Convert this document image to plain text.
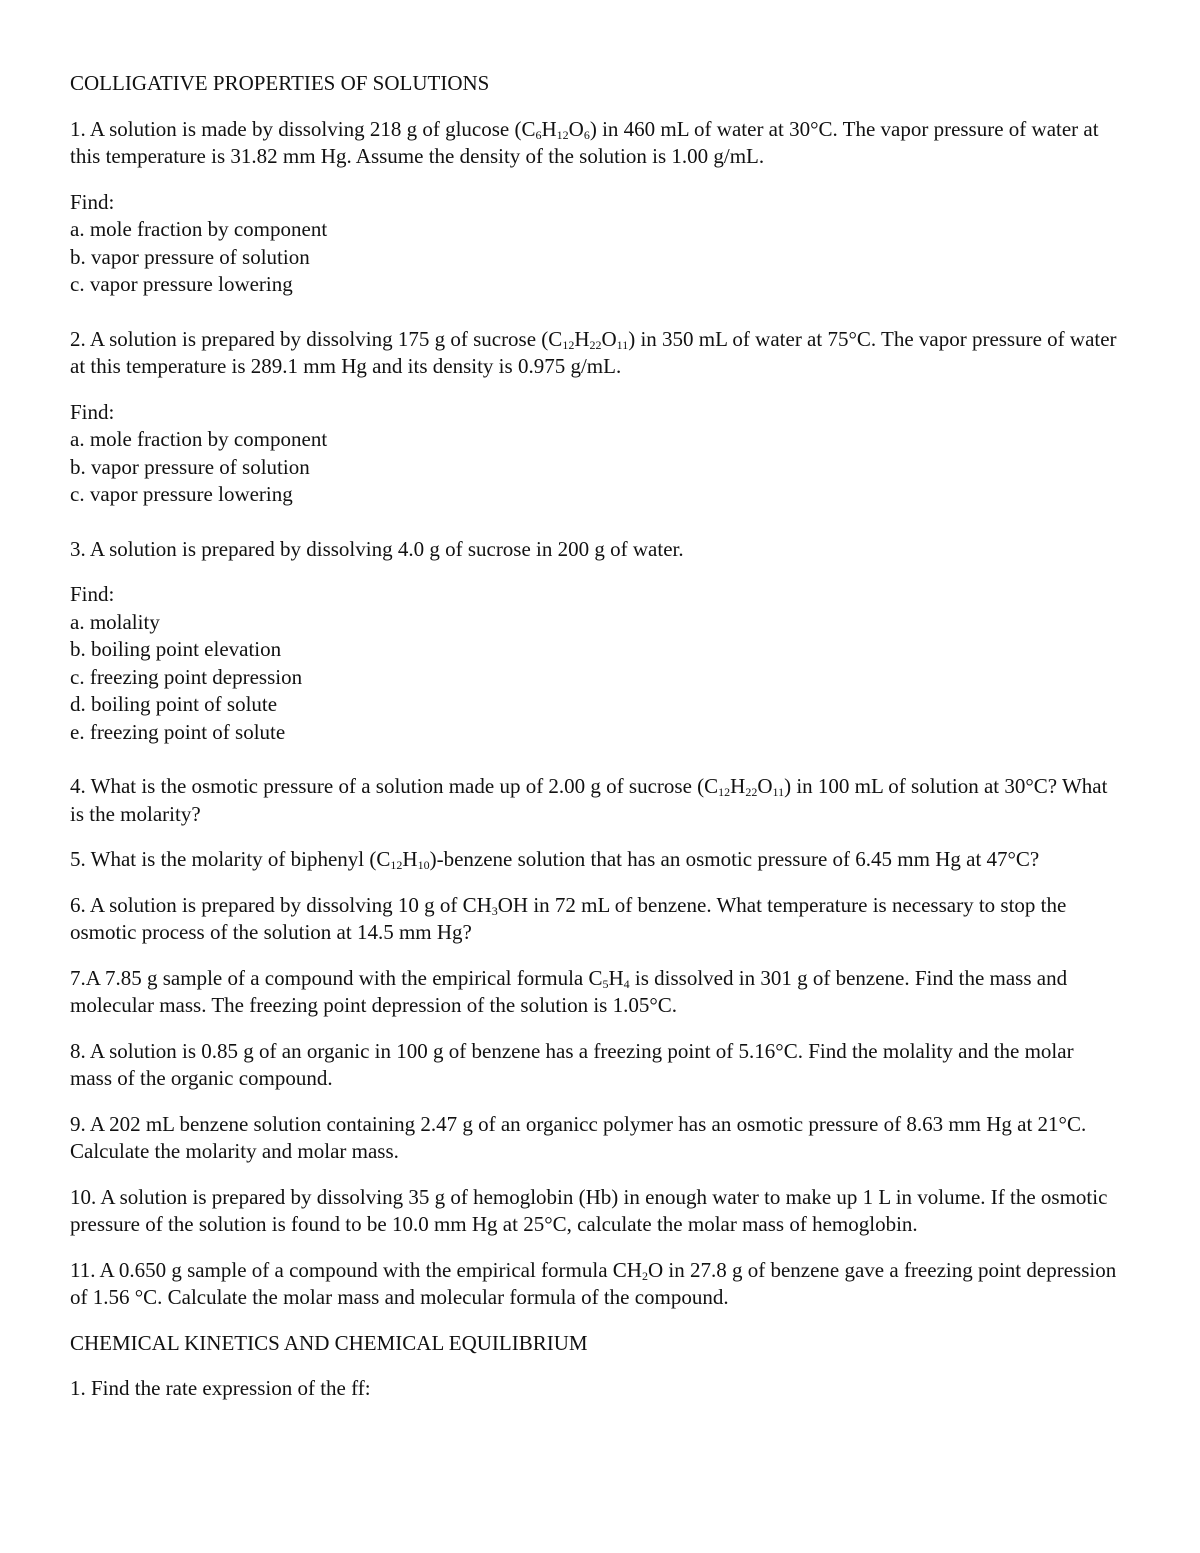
COLLIGATIVE PROPERTIES OF SOLUTIONS

1. A solution is made by dissolving 218 g of glucose $(C_6H_{12}O_6)$ in 460 mL of water at 30°C. The vapor pressure of water at this temperature is 31.82 mm Hg. Assume the density of the solution is 1.00 g/mL.

Find:
a. mole fraction by component
b. vapor pressure of solution
c. vapor pressure lowering

2. A solution is prepared by dissolving 175 g of sucrose $(C_{12}H_{22}O_{11})$ in 350 mL of water at 75°C. The vapor pressure of water at this temperature is 289.1 mm Hg and its density is 0.975 g/mL.

Find:
a. mole fraction by component
b. vapor pressure of solution
c. vapor pressure lowering

3. A solution is prepared by dissolving 4.0 g of sucrose in 200 g of water.

Find:
a. molality
b. boiling point elevation
c. freezing point depression
d. boiling point of solute
e. freezing point of solute

4. What is the osmotic pressure of a solution made up of 2.00 g of sucrose $(C_{12}H_{22}O_{11})$ in 100 mL of solution at 30°C? What is the molarity?

5. What is the molarity of biphenyl $(C_{12}H_{10})$-benzene solution that has an osmotic pressure of 6.45 mm Hg at 47°C?

6. A solution is prepared by dissolving 10 g of $CH_3OH$ in 72 mL of benzene. What temperature is necessary to stop the osmotic process of the solution at 14.5 mm Hg?

7.A 7.85 g sample of a compound with the empirical formula $C_5H_4$ is dissolved in 301 g of benzene. Find the mass and molecular mass. The freezing point depression of the solution is 1.05°C.

8. A solution is 0.85 g of an organic in 100 g of benzene has a freezing point of 5.16°C. Find the molality and the molar mass of the organic compound.

9. A 202 mL benzene solution containing 2.47 g of an organicc polymer has an osmotic pressure of 8.63 mm Hg at 21°C. Calculate the molarity and molar mass.

10. A solution is prepared by dissolving 35 g of hemoglobin (Hb) in enough water to make up 1 L in volume. If the osmotic pressure of the solution is found to be 10.0 mm Hg at 25°C, calculate the molar mass of hemoglobin.

11. A 0.650 g sample of a compound with the empirical formula $CH_2O$ in 27.8 g of benzene gave a freezing point depression of 1.56 °C. Calculate the molar mass and molecular formula of the compound.

CHEMICAL KINETICS AND CHEMICAL EQUILIBRIUM

1. Find the rate expression of the ff:
